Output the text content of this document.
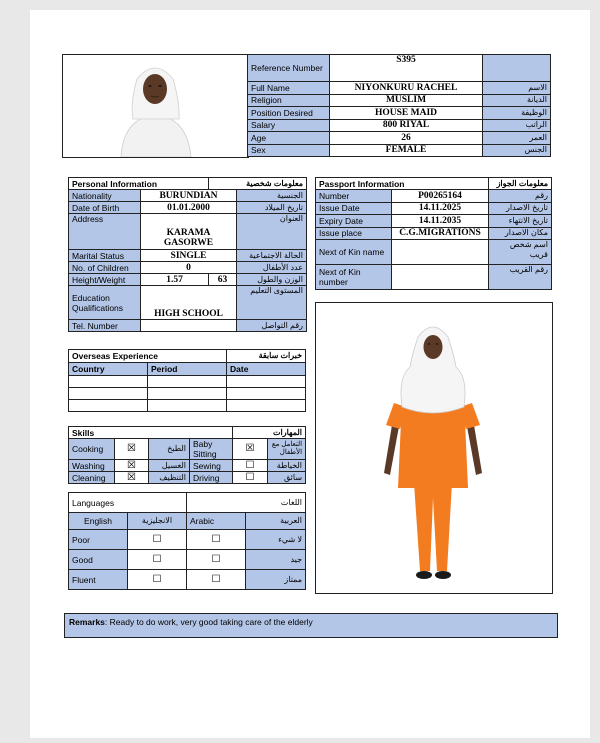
Reference Number	S395	
Full Name	NIYONKURU RACHEL	الاسم
Religion	MUSLIM	الديانة
Position Desired	HOUSE MAID	الوظيفة
Salary	800 RIYAL	الراتب
Age	26	العمر
Sex	FEMALE	الجنس
Personal Information		معلومات شخصية	
Nationality	BURUNDIAN		الجنسية
Date of Birth	01.01.2000		تاريخ الميلاد
Address	KARAMA GASORWE		العنوان
Marital Status	SINGLE		الحالة الاجتماعية
No. of Children	0		عدد الأطفال
Height/Weight	1.57	63	الوزن والطول
Education Qualifications	HIGH SCHOOL		المستوى التعليم
Tel. Number			رقم التواصل
Passport Information		معلومات الجواز
Number	P00265164	رقم
Issue Date	14.11.2025	تاريخ الاصدار
Expiry Date	14.11.2035	تاريخ الانتهاء
Issue place	C.G.MIGRATIONS	مكان الاصدار
Next of Kin name		اسم شخص قريب
Next of Kin number		رقم القريب
Overseas Experience		خبرات سابقة
Country	Period	Date

Skills				المهارات	
Cooking	☒	الطبخ	Baby Sitting	☒	التعامل مع الأطفال
Washing	☒	الغسيل	Sewing	☐	الخياطة
Cleaning	☒	التنظيف	Driving	☐	سائق
Languages		اللغات	
English	الانجليزية	Arabic	العربية
Poor	☐	☐	لا شيء
Good	☐	☐	جيد
Fluent	☐	☐	ممتاز
Remarks: Ready to do work, very good taking care of the elderly
